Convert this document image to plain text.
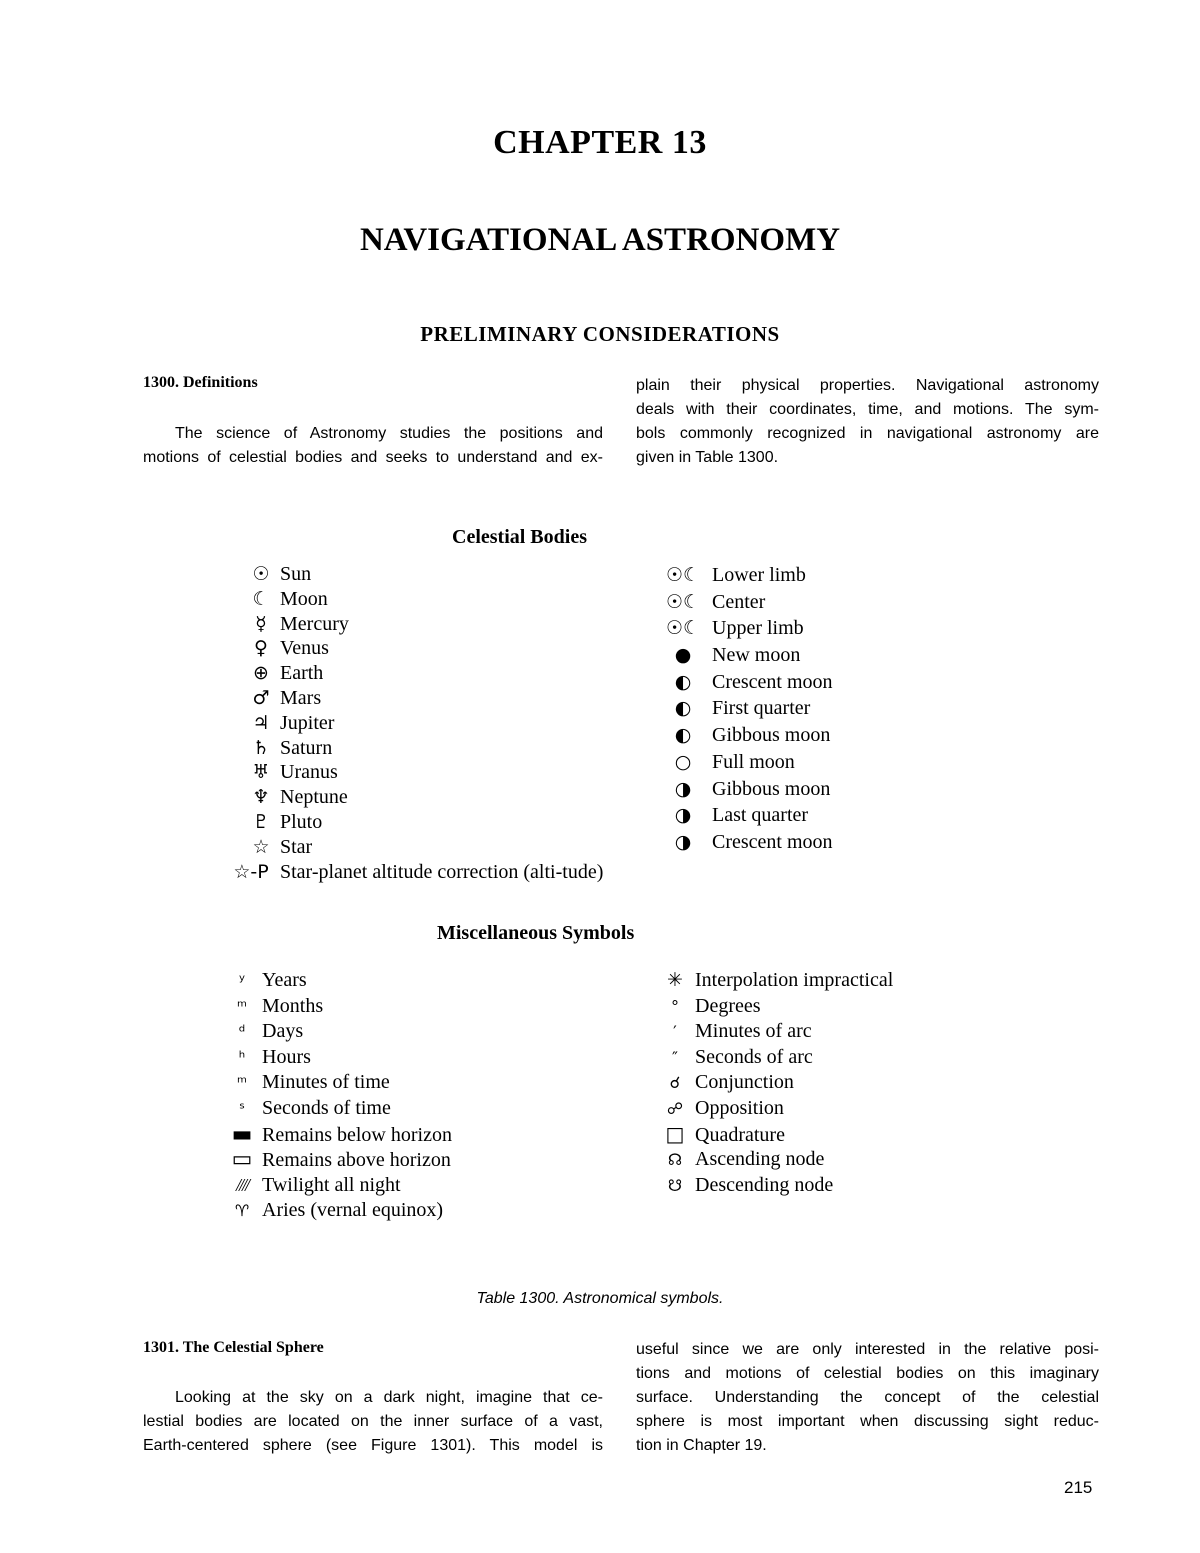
CHAPTER 13
NAVIGATIONAL ASTRONOMY
PRELIMINARY CONSIDERATIONS
1300. Definitions
The science of Astronomy studies the positions and
motions of celestial bodies and seeks to understand and ex-
plain their physical properties. Navigational astronomy
deals with their coordinates, time, and motions. The sym-
bols commonly recognized in navigational astronomy are
given in Table 1300.
Celestial Bodies
☉ Sun
☾ Moon
☿ Mercury
♀ Venus
⊕ Earth
♂ Mars
♃ Jupiter
♄ Saturn
♅ Uranus
♆ Neptune
♇ Pluto
☆ Star
☆-P Star-planet altitude correction (alti-tude)
☉☾ Lower limb
☉☾ Center
☉☾ Upper limb
● New moon
◐ Crescent moon
◐ First quarter
◐ Gibbous moon
○ Full moon
◑ Gibbous moon
◑ Last quarter
◑ Crescent moon
Miscellaneous Symbols
ʸ Years
ᵐ Months
ᵈ Days
ʰ Hours
ᵐ Minutes of time
ˢ Seconds of time
▬ Remains below horizon
▭ Remains above horizon
//// Twilight all night
♈ Aries (vernal equinox)
✳ Interpolation impractical
° Degrees
′ Minutes of arc
″ Seconds of arc
☌ Conjunction
☍ Opposition
□ Quadrature
☊ Ascending node
☋ Descending node
Table 1300. Astronomical symbols.
1301. The Celestial Sphere
Looking at the sky on a dark night, imagine that ce-
lestial bodies are located on the inner surface of a vast,
Earth-centered sphere (see Figure 1301). This model is
useful since we are only interested in the relative posi-
tions and motions of celestial bodies on this imaginary
surface. Understanding the concept of the celestial
sphere is most important when discussing sight reduc-
tion in Chapter 19.
215
